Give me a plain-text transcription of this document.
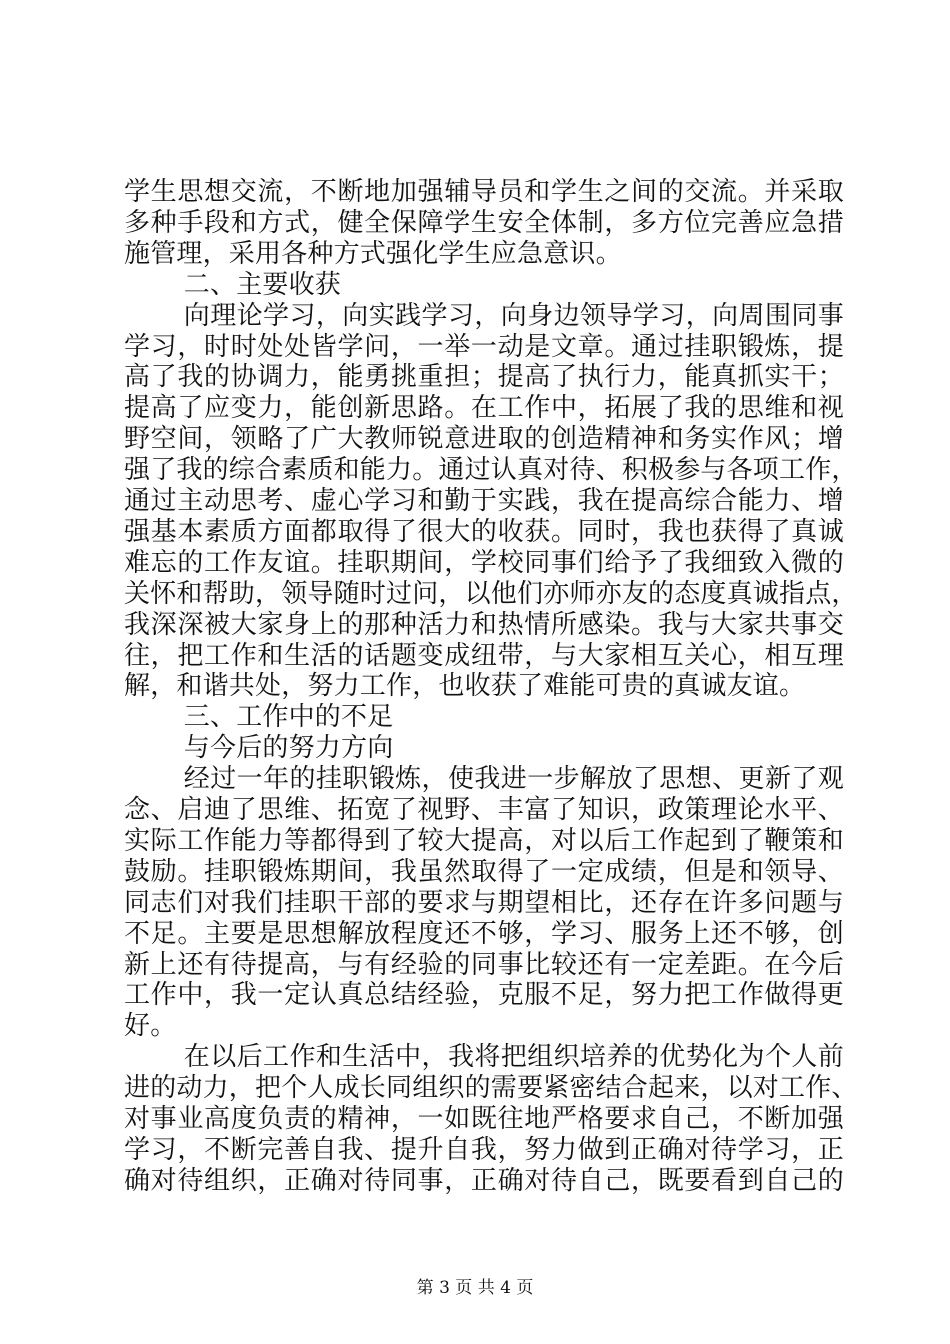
学生思想交流，不断地加强辅导员和学生之间的交流。并采取
多种手段和方式，健全保障学生安全体制，多方位完善应急措
施管理，采用各种方式强化学生应急意识。
二、主要收获
向理论学习，向实践学习，向身边领导学习，向周围同事
学习，时时处处皆学问，一举一动是文章。通过挂职锻炼，提
高了我的协调力，能勇挑重担；提高了执行力，能真抓实干；
提高了应变力，能创新思路。在工作中，拓展了我的思维和视
野空间，领略了广大教师锐意进取的创造精神和务实作风；增
强了我的综合素质和能力。通过认真对待、积极参与各项工作，
通过主动思考、虚心学习和勤于实践，我在提高综合能力、增
强基本素质方面都取得了很大的收获。同时，我也获得了真诚
难忘的工作友谊。挂职期间，学校同事们给予了我细致入微的
关怀和帮助，领导随时过问，以他们亦师亦友的态度真诚指点，
我深深被大家身上的那种活力和热情所感染。我与大家共事交
往，把工作和生活的话题变成纽带，与大家相互关心，相互理
解，和谐共处，努力工作，也收获了难能可贵的真诚友谊。
三、工作中的不足
与今后的努力方向
经过一年的挂职锻炼，使我进一步解放了思想、更新了观
念、启迪了思维、拓宽了视野、丰富了知识，政策理论水平、
实际工作能力等都得到了较大提高，对以后工作起到了鞭策和
鼓励。挂职锻炼期间，我虽然取得了一定成绩，但是和领导、
同志们对我们挂职干部的要求与期望相比，还存在许多问题与
不足。主要是思想解放程度还不够，学习、服务上还不够，创
新上还有待提高，与有经验的同事比较还有一定差距。在今后
工作中，我一定认真总结经验，克服不足，努力把工作做得更
好。
在以后工作和生活中，我将把组织培养的优势化为个人前
进的动力，把个人成长同组织的需要紧密结合起来，以对工作、
对事业高度负责的精神，一如既往地严格要求自己，不断加强
学习，不断完善自我、提升自我，努力做到正确对待学习，正
确对待组织，正确对待同事，正确对待自己，既要看到自己的
第 3 页 共 4 页
